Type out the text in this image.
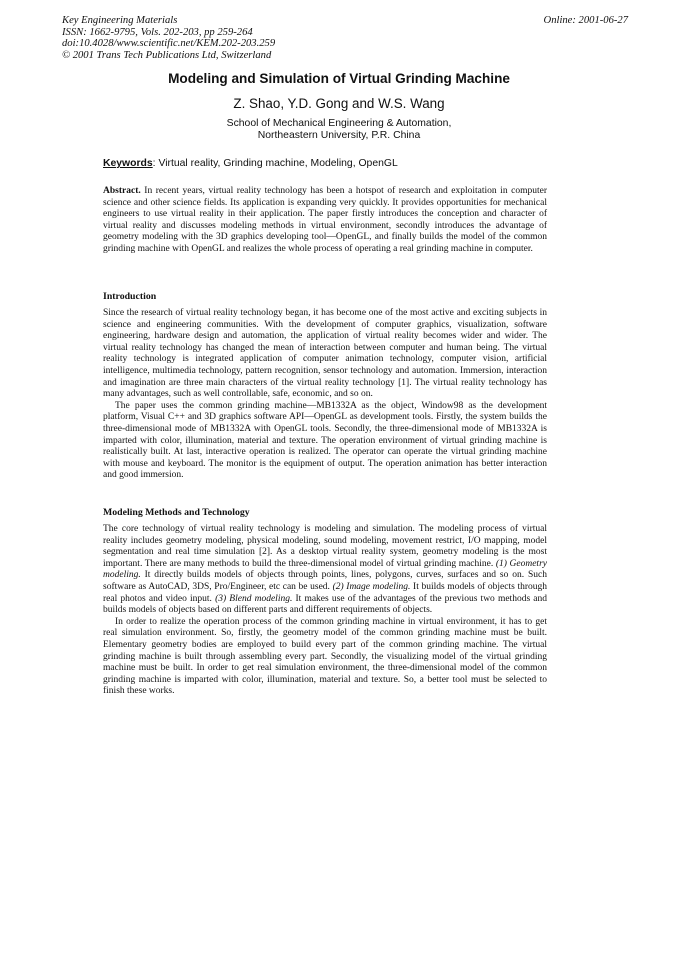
Key Engineering Materials
ISSN: 1662-9795, Vols. 202-203, pp 259-264
doi:10.4028/www.scientific.net/KEM.202-203.259
© 2001 Trans Tech Publications Ltd, Switzerland
Online: 2001-06-27
Modeling and Simulation of Virtual Grinding Machine
Z. Shao, Y.D. Gong and W.S. Wang
School of Mechanical Engineering & Automation,
Northeastern University, P.R. China
Keywords: Virtual reality, Grinding machine, Modeling, OpenGL

Abstract. In recent years, virtual reality technology has been a hotspot of research and exploitation in computer science and other science fields. Its application is expanding very quickly. It provides opportunities for mechanical engineers to use virtual reality in their application. The paper firstly introduces the conception and character of virtual reality and discusses modeling methods in virtual environment, secondly introduces the advantage of geometry modeling with the 3D graphics developing tool—OpenGL, and finally builds the model of the common grinding machine with OpenGL and realizes the whole process of operating a real grinding machine in computer.

Introduction

Since the research of virtual reality technology began, it has become one of the most active and exciting subjects in science and engineering communities. With the development of computer graphics, visualization, software engineering, hardware design and automation, the application of virtual reality becomes wider and wider. The virtual reality technology has changed the mean of interaction between computer and human being. The virtual reality technology is integrated application of computer animation technology, computer vision, artificial intelligence, multimedia technology, pattern recognition, sensor technology and automation. Immersion, interaction and imagination are three main characters of the virtual reality technology [1]. The virtual reality technology has many advantages, such as well controllable, safe, economic, and so on.

The paper uses the common grinding machine—MB1332A as the object, Window98 as the development platform, Visual C++ and 3D graphics software API—OpenGL as development tools. Firstly, the system builds the three-dimensional mode of MB1332A with OpenGL tools. Secondly, the three-dimensional mode of MB1332A is imparted with color, illumination, material and texture. The operation environment of virtual grinding machine is realistically built. At last, interactive operation is realized. The operator can operate the virtual grinding machine with mouse and keyboard. The monitor is the equipment of output. The operation animation has better interaction and good immersion.

Modeling Methods and Technology

The core technology of virtual reality technology is modeling and simulation. The modeling process of virtual reality includes geometry modeling, physical modeling, sound modeling, movement restrict, I/O mapping, model segmentation and real time simulation [2]. As a desktop virtual reality system, geometry modeling is the most important. There are many methods to build the three-dimensional model of virtual grinding machine. (1) Geometry modeling. It directly builds models of objects through points, lines, polygons, curves, surfaces and so on. Such software as AutoCAD, 3DS, Pro/Engineer, etc can be used. (2) Image modeling. It builds models of objects through real photos and video input. (3) Blend modeling. It makes use of the advantages of the previous two methods and builds models of objects based on different parts and different requirements of objects.

In order to realize the operation process of the common grinding machine in virtual environment, it has to get real simulation environment. So, firstly, the geometry model of the common grinding machine must be built. Elementary geometry bodies are employed to build every part of the common grinding machine. The virtual grinding machine is built through assembling every part. Secondly, the visualizing model of the virtual grinding machine must be built. In order to get real simulation environment, the three-dimensional model of the common grinding machine is imparted with color, illumination, material and texture. So, a better tool must be selected to finish these works.
